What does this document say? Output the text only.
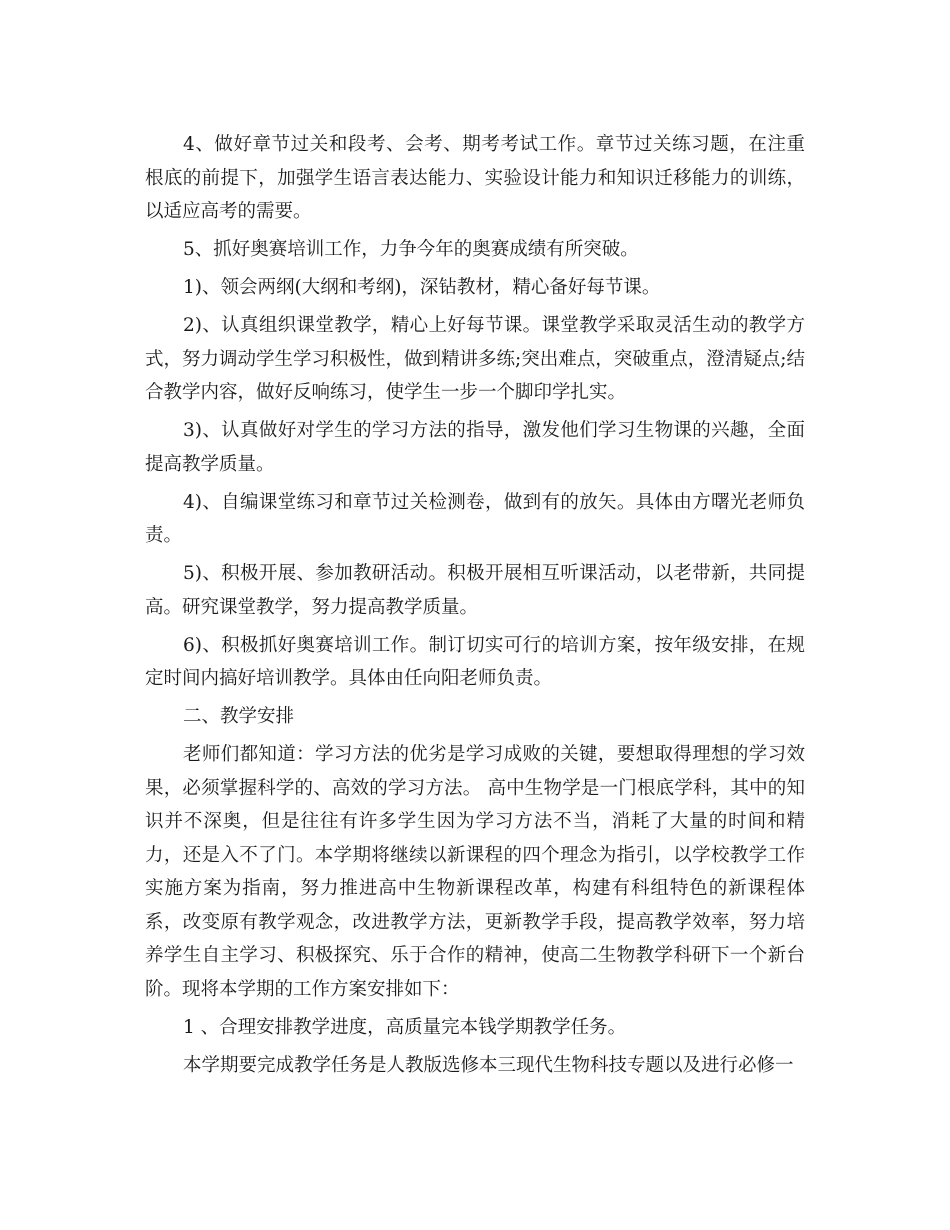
4、做好章节过关和段考、会考、期考考试工作。章节过关练习题，在注重根底的前提下，加强学生语言表达能力、实验设计能力和知识迁移能力的训练，以适应高考的需要。

5、抓好奥赛培训工作，力争今年的奥赛成绩有所突破。

1)、领会两纲(大纲和考纲)，深钻教材，精心备好每节课。

2)、认真组织课堂教学，精心上好每节课。课堂教学采取灵活生动的教学方式，努力调动学生学习积极性，做到精讲多练;突出难点，突破重点，澄清疑点;结合教学内容，做好反响练习，使学生一步一个脚印学扎实。

3)、认真做好对学生的学习方法的指导，激发他们学习生物课的兴趣，全面提高教学质量。

4)、自编课堂练习和章节过关检测卷，做到有的放矢。具体由方曙光老师负责。

5)、积极开展、参加教研活动。积极开展相互听课活动，以老带新，共同提高。研究课堂教学，努力提高教学质量。

6)、积极抓好奥赛培训工作。制订切实可行的培训方案，按年级安排，在规定时间内搞好培训教学。具体由任向阳老师负责。

二、教学安排

老师们都知道：学习方法的优劣是学习成败的关键，要想取得理想的学习效果，必须掌握科学的、高效的学习方法。 高中生物学是一门根底学科，其中的知识并不深奥，但是往往有许多学生因为学习方法不当，消耗了大量的时间和精力，还是入不了门。本学期将继续以新课程的四个理念为指引，以学校教学工作实施方案为指南，努力推进高中生物新课程改革，构建有科组特色的新课程体系，改变原有教学观念，改进教学方法，更新教学手段，提高教学效率，努力培养学生自主学习、积极探究、乐于合作的精神，使高二生物教学科研下一个新台阶。现将本学期的工作方案安排如下：

1 、合理安排教学进度，高质量完本钱学期教学任务。

本学期要完成教学任务是人教版选修本三现代生物科技专题以及进行必修一
